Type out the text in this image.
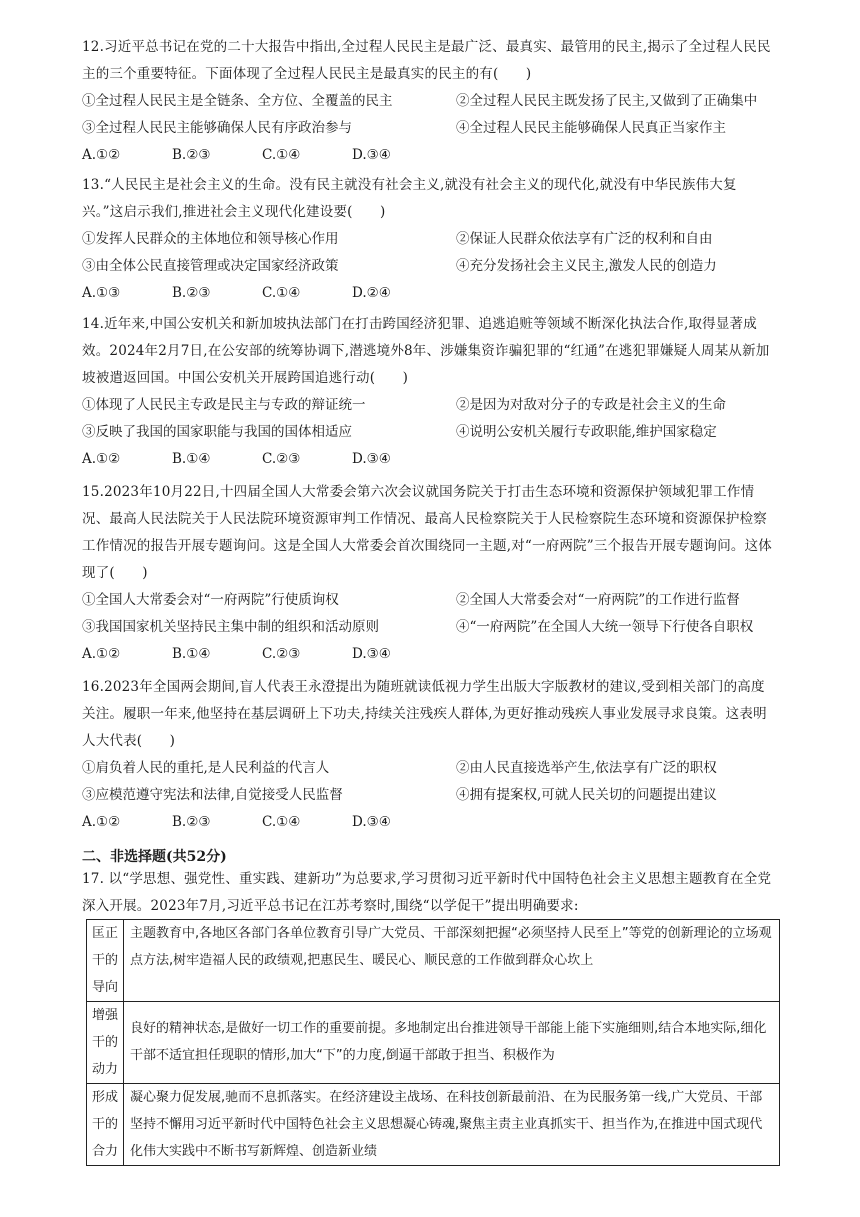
12.习近平总书记在党的二十大报告中指出,全过程人民民主是最广泛、最真实、最管用的民主,揭示了全过程人民民主的三个重要特征。下面体现了全过程人民民主是最真实的民主的有(　　)

①全过程人民民主是全链条、全方位、全覆盖的民主	②全过程人民民主既发扬了民主,又做到了正确集中
③全过程人民民主能够确保人民有序政治参与	④全过程人民民主能够确保人民真正当家作主
A.①②	B.②③	C.①④	D.③④

13.“人民民主是社会主义的生命。没有民主就没有社会主义,就没有社会主义的现代化,就没有中华民族伟大复兴。”这启示我们,推进社会主义现代化建设要(　　)

①发挥人民群众的主体地位和领导核心作用	②保证人民群众依法享有广泛的权利和自由
③由全体公民直接管理或决定国家经济政策	④充分发扬社会主义民主,激发人民的创造力
A.①③	B.②③	C.①④	D.②④

14.近年来,中国公安机关和新加坡执法部门在打击跨国经济犯罪、追逃追赃等领域不断深化执法合作,取得显著成效。2024年2月7日,在公安部的统筹协调下,潜逃境外8年、涉嫌集资诈骗犯罪的“红通”在逃犯罪嫌疑人周某从新加坡被遣返回国。中国公安机关开展跨国追逃行动(　　)

①体现了人民民主专政是民主与专政的辩证统一	②是因为对敌对分子的专政是社会主义的生命
③反映了我国的国家职能与我国的国体相适应	④说明公安机关履行专政职能,维护国家稳定
A.①②	B.①④	C.②③	D.③④

15.2023年10月22日,十四届全国人大常委会第六次会议就国务院关于打击生态环境和资源保护领域犯罪工作情况、最高人民法院关于人民法院环境资源审判工作情况、最高人民检察院关于人民检察院生态环境和资源保护检察工作情况的报告开展专题询问。这是全国人大常委会首次围绕同一主题,对“一府两院”三个报告开展专题询问。这体现了(　　)

①全国人大常委会对“一府两院”行使质询权	②全国人大常委会对“一府两院”的工作进行监督
③我国国家机关坚持民主集中制的组织和活动原则	④“一府两院”在全国人大统一领导下行使各自职权
A.①②	B.①④	C.②③	D.③④

16.2023年全国两会期间,盲人代表王永澄提出为随班就读低视力学生出版大字版教材的建议,受到相关部门的高度关注。履职一年来,他坚持在基层调研上下功夫,持续关注残疾人群体,为更好推动残疾人事业发展寻求良策。这表明人大代表(　　)

①肩负着人民的重托,是人民利益的代言人	②由人民直接选举产生,依法享有广泛的职权
③应模范遵守宪法和法律,自觉接受人民监督	④拥有提案权,可就人民关切的问题提出建议
A.①②	B.②③	C.①④	D.③④

二、非选择题(共52分)

17. 以“学思想、强党性、重实践、建新功”为总要求,学习贯彻习近平新时代中国特色社会主义思想主题教育在全党深入开展。2023年7月,习近平总书记在江苏考察时,围绕“以学促干”提出明确要求:

匡正干的导向	主题教育中,各地区各部门各单位教育引导广大党员、干部深刻把握“必须坚持人民至上”等党的创新理论的立场观点方法,树牢造福人民的政绩观,把惠民生、暖民心、顺民意的工作做到群众心坎上
增强干的动力	良好的精神状态,是做好一切工作的重要前提。多地制定出台推进领导干部能上能下实施细则,结合本地实际,细化干部不适宜担任现职的情形,加大“下”的力度,倒逼干部敢于担当、积极作为
形成干的合力	凝心聚力促发展,驰而不息抓落实。在经济建设主战场、在科技创新最前沿、在为民服务第一线,广大党员、干部坚持不懈用习近平新时代中国特色社会主义思想凝心铸魂,聚焦主责主业真抓实干、担当作为,在推进中国式现代化伟大实践中不断书写新辉煌、创造新业绩
